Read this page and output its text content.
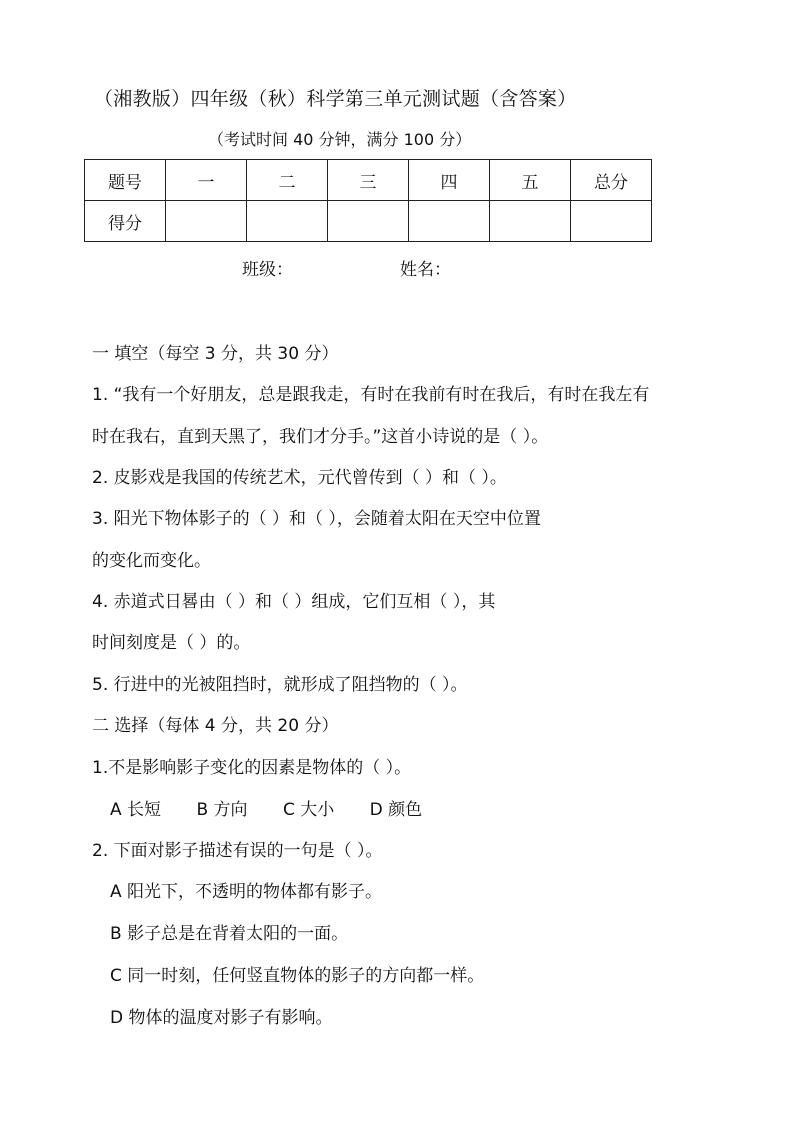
（湘教版）四年级（秋）科学第三单元测试题（含答案）
（考试时间 40 分钟，满分 100 分）
题号	一	二	三	四	五	总分
得分						
班级：	姓名：
一 填空（每空 3 分，共 30 分）
1. “我有一个好朋友，总是跟我走，有时在我前有时在我后，有时在我左有
时在我右，直到天黑了，我们才分手。”这首小诗说的是（ ）。
2. 皮影戏是我国的传统艺术，元代曾传到（ ）和（ ）。
3. 阳光下物体影子的（ ）和（ ），会随着太阳在天空中位置
的变化而变化。
4. 赤道式日晷由（ ）和（ ）组成，它们互相（ ），其
时间刻度是（ ）的。
5. 行进中的光被阻挡时，就形成了阻挡物的（ ）。
二 选择（每体 4 分，共 20 分）
1.不是影响影子变化的因素是物体的（ ）。
A 长短 B 方向 C 大小 D 颜色
2. 下面对影子描述有误的一句是（ ）。
A 阳光下，不透明的物体都有影子。
B 影子总是在背着太阳的一面。
C 同一时刻，任何竖直物体的影子的方向都一样。
D 物体的温度对影子有影响。
